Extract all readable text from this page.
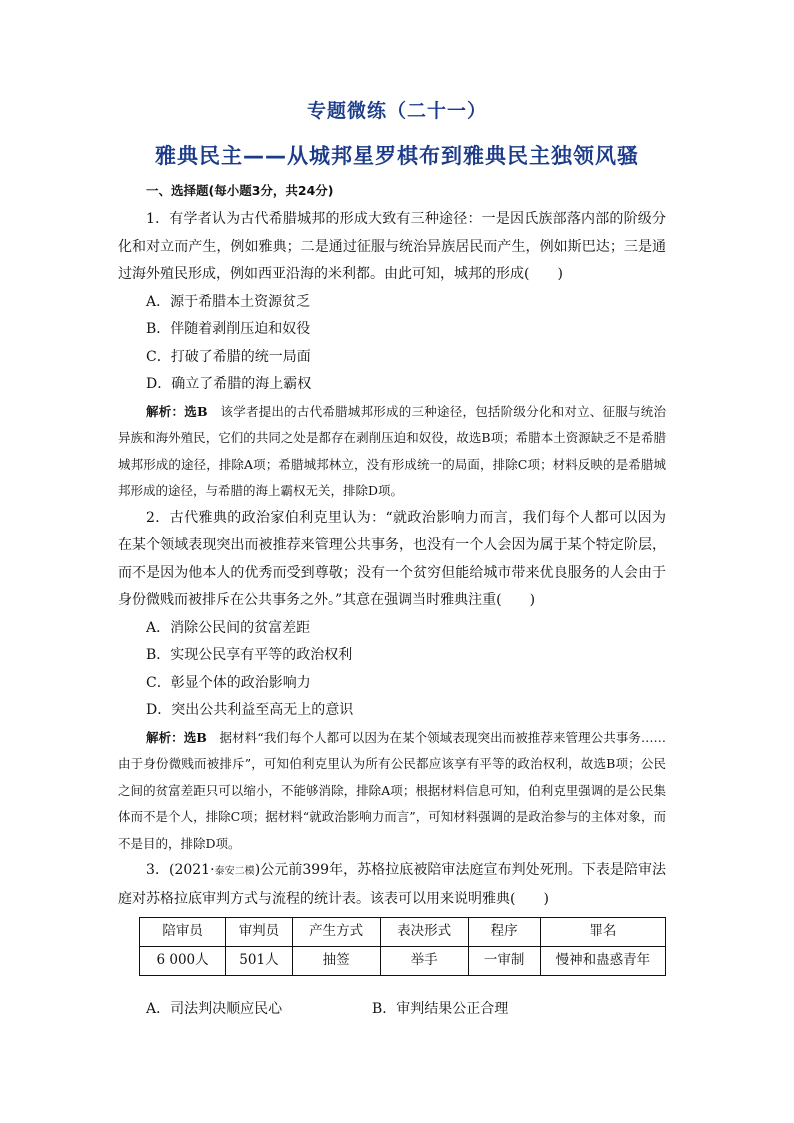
专题微练（二十一）
雅典民主——从城邦星罗棋布到雅典民主独领风骚
一、选择题(每小题3分，共24分)
1．有学者认为古代希腊城邦的形成大致有三种途径：一是因氏族部落内部的阶级分化和对立而产生，例如雅典；二是通过征服与统治异族居民而产生，例如斯巴达；三是通过海外殖民形成，例如西亚沿海的米利都。由此可知，城邦的形成(　　)
A．源于希腊本土资源贫乏
B．伴随着剥削压迫和奴役
C．打破了希腊的统一局面
D．确立了希腊的海上霸权
解析：选B　该学者提出的古代希腊城邦形成的三种途径，包括阶级分化和对立、征服与统治异族和海外殖民，它们的共同之处是都存在剥削压迫和奴役，故选B项；希腊本土资源缺乏不是希腊城邦形成的途径，排除A项；希腊城邦林立，没有形成统一的局面，排除C项；材料反映的是希腊城邦形成的途径，与希腊的海上霸权无关，排除D项。
2．古代雅典的政治家伯利克里认为：“就政治影响力而言，我们每个人都可以因为在某个领域表现突出而被推荐来管理公共事务，也没有一个人会因为属于某个特定阶层，而不是因为他本人的优秀而受到尊敬；没有一个贫穷但能给城市带来优良服务的人会由于身份微贱而被排斥在公共事务之外。”其意在强调当时雅典注重(　　)
A．消除公民间的贫富差距
B．实现公民享有平等的政治权利
C．彰显个体的政治影响力
D．突出公共利益至高无上的意识
解析：选B　据材料“我们每个人都可以因为在某个领域表现突出而被推荐来管理公共事务……由于身份微贱而被排斥”，可知伯利克里认为所有公民都应该享有平等的政治权利，故选B项；公民之间的贫富差距只可以缩小，不能够消除，排除A项；根据材料信息可知，伯利克里强调的是公民集体而不是个人，排除C项；据材料“就政治影响力而言”，可知材料强调的是政治参与的主体对象，而不是目的，排除D项。
3．(2021·泰安二模)公元前399年，苏格拉底被陪审法庭宣布判处死刑。下表是陪审法庭对苏格拉底审判方式与流程的统计表。该表可以用来说明雅典(　　)
陪审员	审判员	产生方式	表决形式	程序	罪名
6 000人	501人	抽签	举手	一审制	慢神和蛊惑青年
A．司法判决顺应民心	B．审判结果公正合理
